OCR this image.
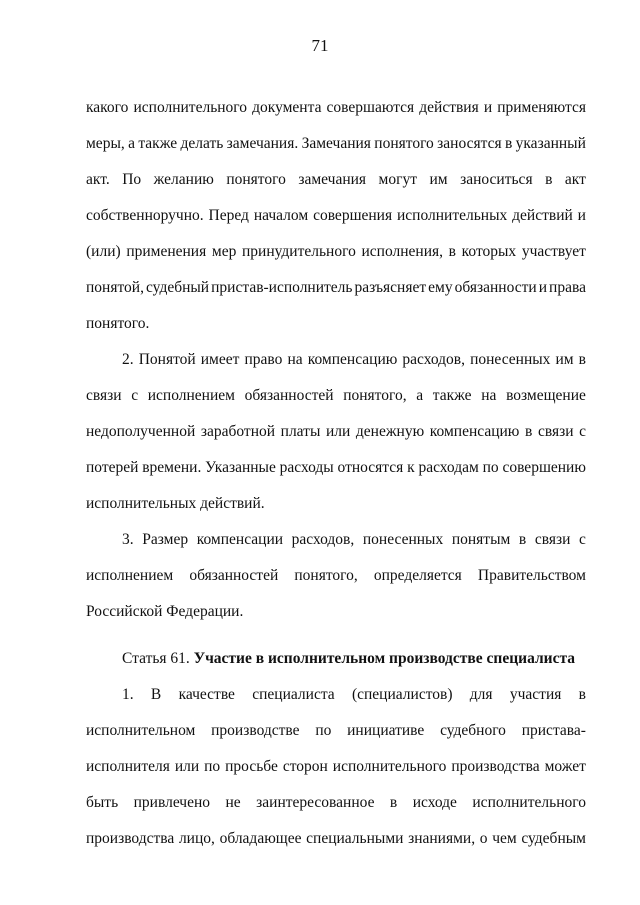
71
какого исполнительного документа совершаются действия и применяются
меры, а также делать замечания. Замечания понятого заносятся в указанный
акт. По желанию понятого замечания могут им заноситься в акт
собственноручно. Перед началом совершения исполнительных действий и
(или) применения мер принудительного исполнения, в которых участвует
понятой, судебный пристав-исполнитель разъясняет ему обязанности и права
понятого.
2. Понятой имеет право на компенсацию расходов, понесенных им в
связи с исполнением обязанностей понятого, а также на возмещение
недополученной заработной платы или денежную компенсацию в связи с
потерей времени. Указанные расходы относятся к расходам по совершению
исполнительных действий.
3. Размер компенсации расходов, понесенных понятым в связи с
исполнением обязанностей понятого, определяется Правительством
Российской Федерации.
Статья 61. Участие в исполнительном производстве специалиста
1. В качестве специалиста (специалистов) для участия в
исполнительном производстве по инициативе судебного пристава-
исполнителя или по просьбе сторон исполнительного производства может
быть привлечено не заинтересованное в исходе исполнительного
производства лицо, обладающее специальными знаниями, о чем судебным
